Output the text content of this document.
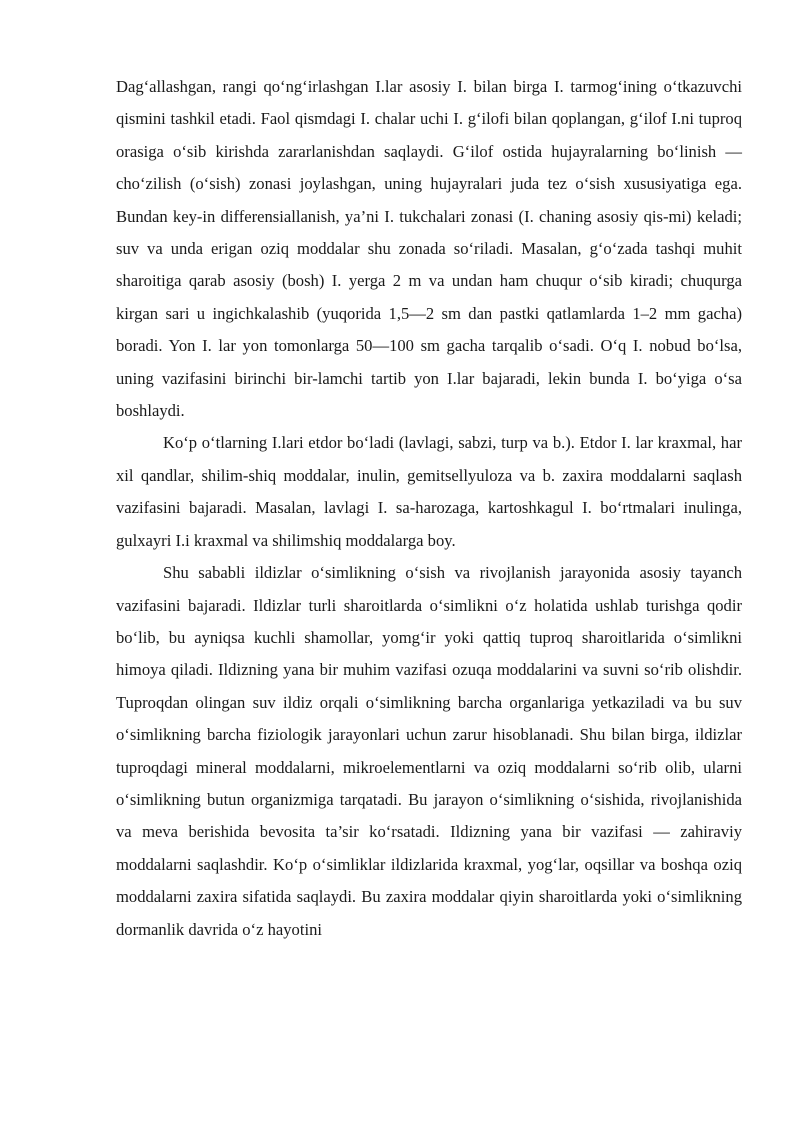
Dag‘allashgan, rangi qo‘ng‘irlashgan I.lar asosiy I. bilan birga I. tarmog‘ining o‘tkazuvchi qismini tashkil etadi. Faol qismdagi I. chalar uchi I. g‘ilofi bilan qoplangan, g‘ilof I.ni tuproq orasiga o‘sib kirishda zararlanishdan saqlaydi. G‘ilof ostida hujayralarning bo‘linish — cho‘zilish (o‘sish) zonasi joylashgan, uning hujayralari juda tez o‘sish xususiyatiga ega. Bundan key-in differensiallanish, ya’ni I. tukchalari zonasi (I. chaning asosiy qis-mi) keladi; suv va unda erigan oziq moddalar shu zonada so‘riladi. Masalan, g‘o‘zada tashqi muhit sharoitiga qarab asosiy (bosh) I. yerga 2 m va undan ham chuqur o‘sib kiradi; chuqurga kirgan sari u ingichkalashib (yuqorida 1,5—2 sm dan pastki qatlamlarda 1–2 mm gacha) boradi. Yon I. lar yon tomonlarga 50—100 sm gacha tarqalib o‘sadi. O‘q I. nobud bo‘lsa, uning vazifasini birinchi bir-lamchi tartib yon I.lar bajaradi, lekin bunda I. bo‘yiga o‘sa boshlaydi.

Ko‘p o‘tlarning I.lari etdor bo‘ladi (lavlagi, sabzi, turp va b.). Etdor I. lar kraxmal, har xil qandlar, shilim-shiq moddalar, inulin, gemitsellyuloza va b. zaxira moddalarni saqlash vazifasini bajaradi. Masalan, lavlagi I. sa-harozaga, kartoshkagul I. bo‘rtmalari inulinga, gulxayri I.i kraxmal va shilimshiq moddalarga boy.

Shu sababli ildizlar o‘simlikning o‘sish va rivojlanish jarayonida asosiy tayanch vazifasini bajaradi. Ildizlar turli sharoitlarda o‘simlikni o‘z holatida ushlab turishga qodir bo‘lib, bu ayniqsa kuchli shamollar, yomg‘ir yoki qattiq tuproq sharoitlarida o‘simlikni himoya qiladi. Ildizning yana bir muhim vazifasi ozuqa moddalarini va suvni so‘rib olishdir. Tuproqdan olingan suv ildiz orqali o‘simlikning barcha organlariga yetkaziladi va bu suv o‘simlikning barcha fiziologik jarayonlari uchun zarur hisoblanadi. Shu bilan birga, ildizlar tuproqdagi mineral moddalarni, mikroelementlarni va oziq moddalarni so‘rib olib, ularni o‘simlikning butun organizmiga tarqatadi. Bu jarayon o‘simlikning o‘sishida, rivojlanishida va meva berishida bevosita ta’sir ko‘rsatadi. Ildizning yana bir vazifasi — zahiraviy moddalarni saqlashdir. Ko‘p o‘simliklar ildizlarida kraxmal, yog‘lar, oqsillar va boshqa oziq moddalarni zaxira sifatida saqlaydi. Bu zaxira moddalar qiyin sharoitlarda yoki o‘simlikning dormanlik davrida o‘z hayotini
